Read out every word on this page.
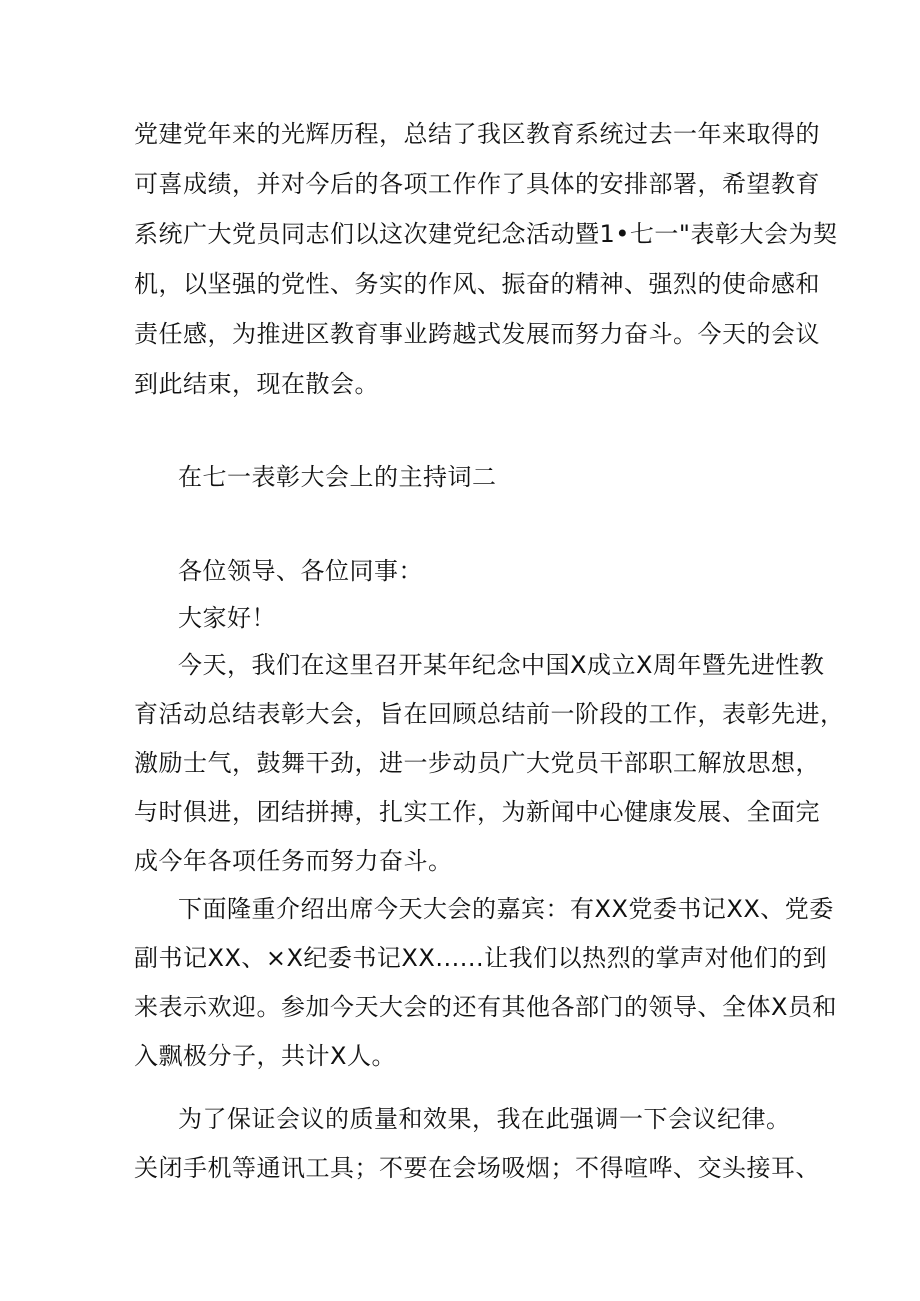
党建党年来的光辉历程，总结了我区教育系统过去一年来取得的
可喜成绩，并对今后的各项工作作了具体的安排部署，希望教育
系统广大党员同志们以这次建党纪念活动暨1•七一"表彰大会为契
机，以坚强的党性、务实的作风、振奋的精神、强烈的使命感和
责任感，为推进区教育事业跨越式发展而努力奋斗。今天的会议
到此结束，现在散会。
在七一表彰大会上的主持词二
各位领导、各位同事：
大家好！
今天，我们在这里召开某年纪念中国X成立X周年暨先进性教
育活动总结表彰大会，旨在回顾总结前一阶段的工作，表彰先进，
激励士气，鼓舞干劲，进一步动员广大党员干部职工解放思想，
与时俱进，团结拼搏，扎实工作，为新闻中心健康发展、全面完
成今年各项任务而努力奋斗。
下面隆重介绍出席今天大会的嘉宾：有XX党委书记XX、党委
副书记XX、×X纪委书记XX......让我们以热烈的掌声对他们的到
来表示欢迎。参加今天大会的还有其他各部门的领导、全体X员和
入飘极分子，共计X人。
为了保证会议的质量和效果，我在此强调一下会议纪律。
关闭手机等通讯工具；不要在会场吸烟；不得喧哗、交头接耳、
